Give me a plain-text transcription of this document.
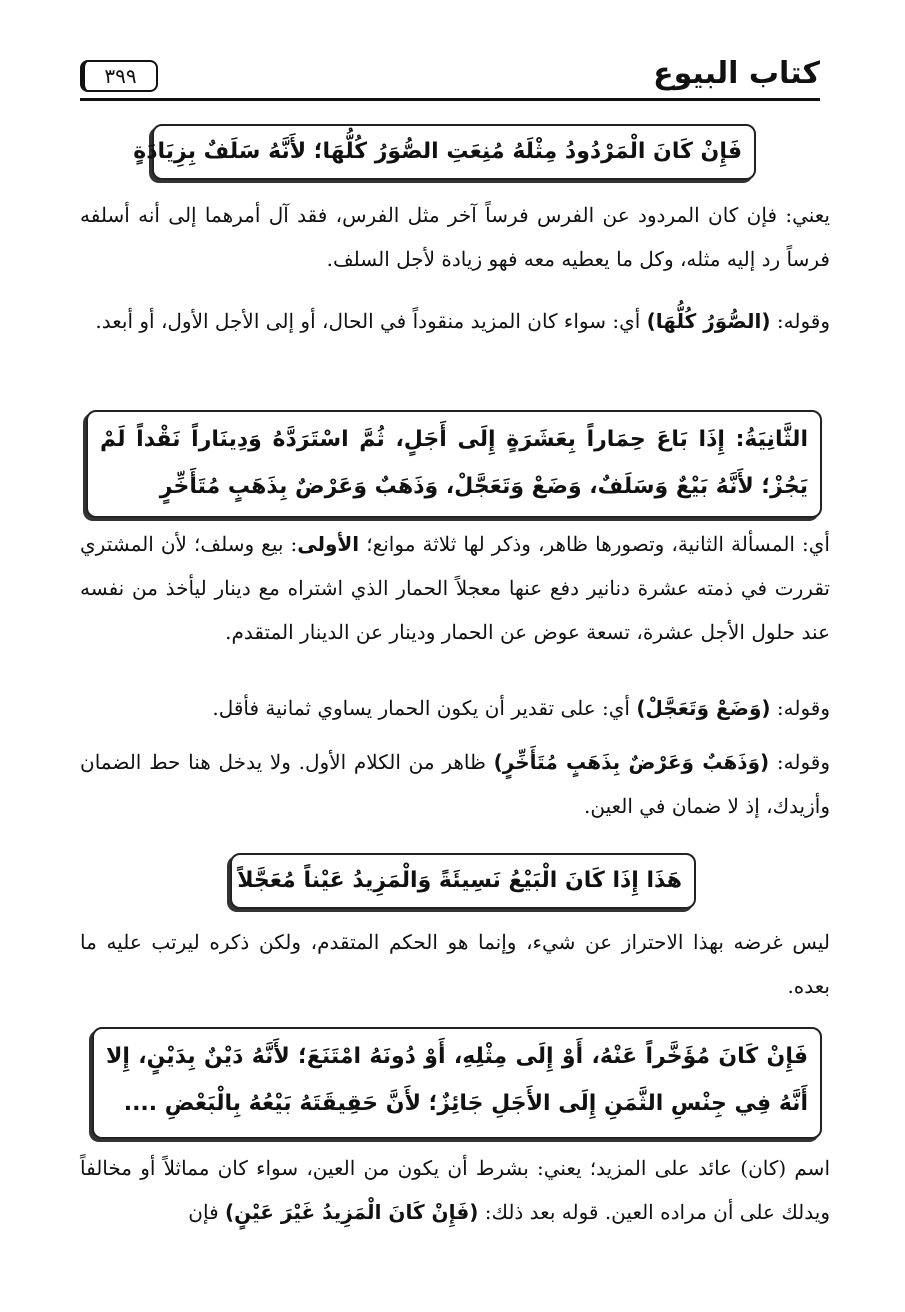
كتاب البيوع
٣٩٩
فَإِنْ كَانَ الْمَرْدُودُ مِثْلَهُ مُنِعَتِ الصُّوَرُ كُلُّهَا؛ لأَنَّهُ سَلَفٌ بِزِيَادَةٍ
يعني: فإن كان المردود عن الفرس فرساً آخر مثل الفرس، فقد آل أمرهما إلى أنه أسلفه فرساً رد إليه مثله، وكل ما يعطيه معه فهو زيادة لأجل السلف.
وقوله: (الصُّوَرُ كُلُّهَا) أي: سواء كان المزيد منقوداً في الحال، أو إلى الأجل الأول، أو أبعد.
الثَّانِيَةُ: إِذَا بَاعَ حِمَاراً بِعَشَرَةٍ إِلَى أَجَلٍ، ثُمَّ اسْتَرَدَّهُ وَدِينَاراً نَقْداً لَمْ يَجُزْ؛ لأَنَّهُ بَيْعٌ وَسَلَفٌ، وَضَعْ وَتَعَجَّلْ، وَذَهَبٌ وَعَرْضٌ بِذَهَبٍ مُتَأَخِّرٍ
أي: المسألة الثانية، وتصورها ظاهر، وذكر لها ثلاثة موانع؛ الأولى: بيع وسلف؛ لأن المشتري تقررت في ذمته عشرة دنانير دفع عنها معجلاً الحمار الذي اشتراه مع دينار ليأخذ من نفسه عند حلول الأجل عشرة، تسعة عوض عن الحمار ودينار عن الدينار المتقدم.
وقوله: (وَضَعْ وَتَعَجَّلْ) أي: على تقدير أن يكون الحمار يساوي ثمانية فأقل.
وقوله: (وَذَهَبٌ وَعَرْضٌ بِذَهَبٍ مُتَأَخِّرٍ) ظاهر من الكلام الأول. ولا يدخل هنا حط الضمان وأزيدك، إذ لا ضمان في العين.
هَذَا إِذَا كَانَ الْبَيْعُ نَسِيئَةً وَالْمَزِيدُ عَيْناً مُعَجَّلاً
ليس غرضه بهذا الاحتراز عن شيء، وإنما هو الحكم المتقدم، ولكن ذكره ليرتب عليه ما بعده.
فَإِنْ كَانَ مُؤَخَّراً عَنْهُ، أَوْ إِلَى مِثْلِهِ، أَوْ دُونَهُ امْتَنَعَ؛ لأَنَّهُ دَيْنٌ بِدَيْنٍ، إِلا أَنَّهُ فِي جِنْسِ الثَّمَنِ إِلَى الأَجَلِ جَائِزٌ؛ لأَنَّ حَقِيقَتَهُ بَيْعُهُ بِالْبَعْضِ ....
اسم (كان) عائد على المزيد؛ يعني: بشرط أن يكون من العين، سواء كان مماثلاً أو مخالفاً ويدلك على أن مراده العين. قوله بعد ذلك: (فَإِنْ كَانَ الْمَزِيدُ غَيْرَ عَيْنٍ) فإن
